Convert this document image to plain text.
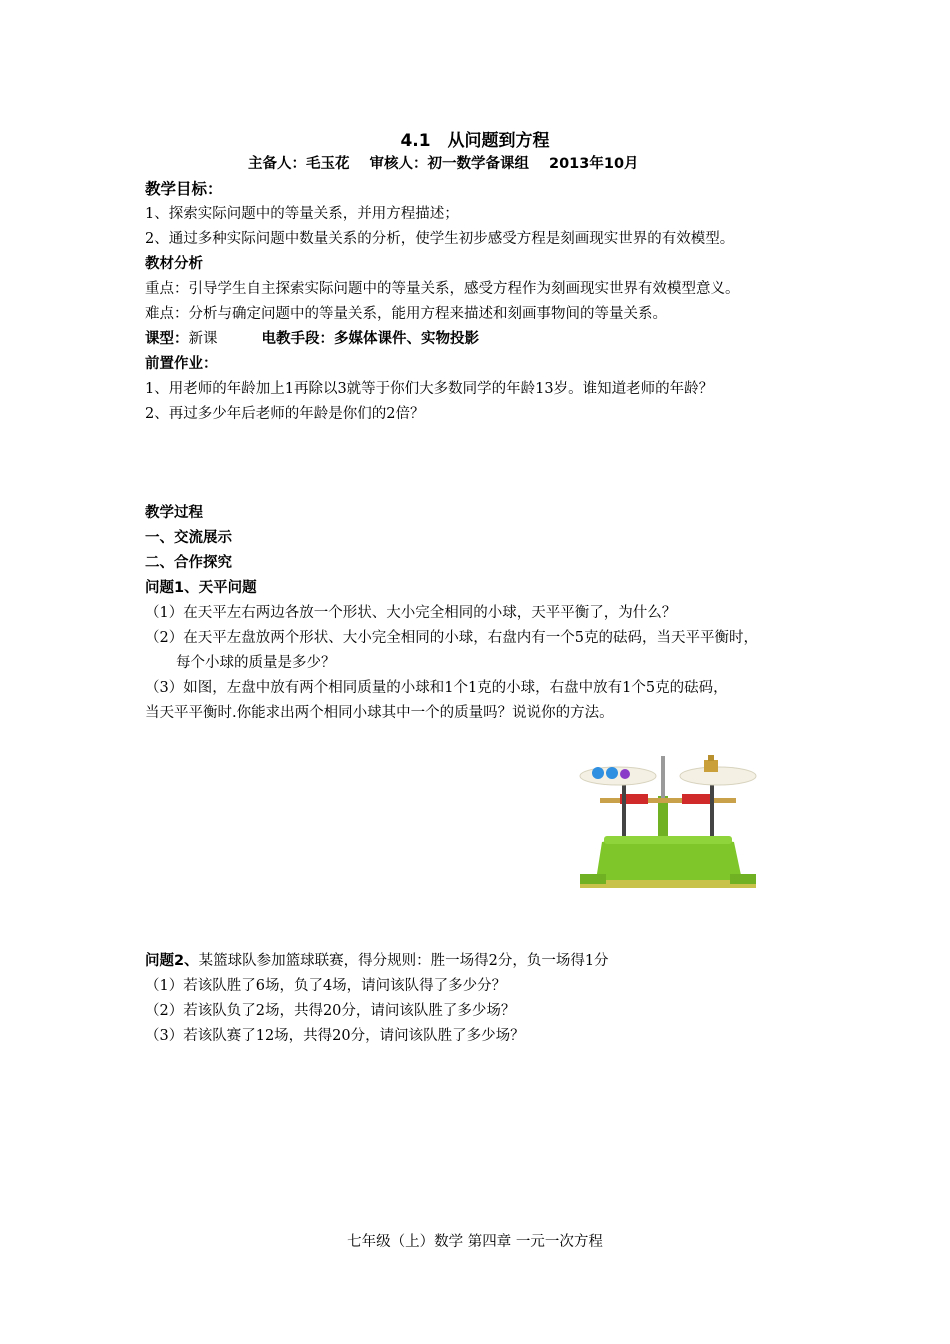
4.1　从问题到方程
主备人：毛玉花 审核人：初一数学备课组 2013年10月
教学目标：
1、探索实际问题中的等量关系，并用方程描述；
2、通过多种实际问题中数量关系的分析，使学生初步感受方程是刻画现实世界的有效模型。
教材分析
重点：引导学生自主探索实际问题中的等量关系，感受方程作为刻画现实世界有效模型意义。
难点：分析与确定问题中的等量关系，能用方程来描述和刻画事物间的等量关系。
课型：新课	电教手段：多媒体课件、实物投影
前置作业：
1、用老师的年龄加上1再除以3就等于你们大多数同学的年龄13岁。谁知道老师的年龄？
2、再过多少年后老师的年龄是你们的2倍？
教学过程
一、交流展示
二、合作探究
问题1、天平问题
（1）在天平左右两边各放一个形状、大小完全相同的小球，天平平衡了，为什么？
（2）在天平左盘放两个形状、大小完全相同的小球，右盘内有一个5克的砝码，当天平平衡时，
每个小球的质量是多少？
（3）如图，左盘中放有两个相同质量的小球和1个1克的小球，右盘中放有1个5克的砝码，
当天平平衡时.你能求出两个相同小球其中一个的质量吗？说说你的方法。
问题2、某篮球队参加篮球联赛，得分规则：胜一场得2分，负一场得1分
（1）若该队胜了6场，负了4场，请问该队得了多少分？
（2）若该队负了2场，共得20分，请问该队胜了多少场？
（3）若该队赛了12场，共得20分，请问该队胜了多少场？
七年级（上）数学 第四章 一元一次方程
